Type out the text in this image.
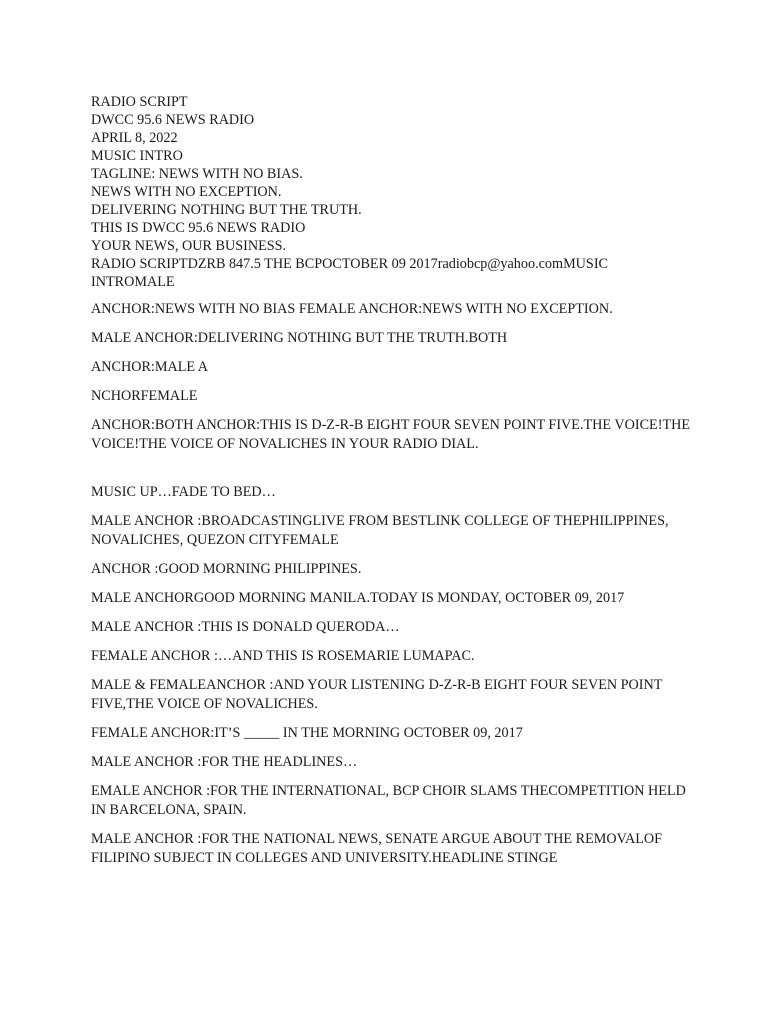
RADIO SCRIPT
DWCC 95.6 NEWS RADIO
APRIL 8, 2022
MUSIC INTRO
TAGLINE: NEWS WITH NO BIAS.
NEWS WITH NO EXCEPTION.
DELIVERING NOTHING BUT THE TRUTH.
THIS IS DWCC 95.6 NEWS RADIO
YOUR NEWS, OUR BUSINESS.
RADIO SCRIPTDZRB 847.5 THE BCPOCTOBER 09 2017radiobcp@yahoo.comMUSIC
INTROMALE

ANCHOR:NEWS WITH NO BIAS FEMALE ANCHOR:NEWS WITH NO EXCEPTION.

MALE ANCHOR:DELIVERING NOTHING BUT THE TRUTH.BOTH

ANCHOR:MALE A

NCHORFEMALE

ANCHOR:BOTH ANCHOR:THIS IS D-Z-R-B EIGHT FOUR SEVEN POINT FIVE.THE VOICE!THE VOICE!THE VOICE OF NOVALICHES IN YOUR RADIO DIAL.

MUSIC UP…FADE TO BED…

MALE ANCHOR :BROADCASTINGLIVE FROM BESTLINK COLLEGE OF THEPHILIPPINES, NOVALICHES, QUEZON CITYFEMALE

ANCHOR :GOOD MORNING PHILIPPINES.

MALE ANCHORGOOD MORNING MANILA.TODAY IS MONDAY, OCTOBER 09, 2017

MALE ANCHOR :THIS IS DONALD QUERODA…

FEMALE ANCHOR :…AND THIS IS ROSEMARIE LUMAPAC.

MALE & FEMALEANCHOR :AND YOUR LISTENING D-Z-R-B EIGHT FOUR SEVEN POINT FIVE,THE VOICE OF NOVALICHES.

FEMALE ANCHOR:IT’S _____ IN THE MORNING OCTOBER 09, 2017

MALE ANCHOR :FOR THE HEADLINES…

EMALE ANCHOR :FOR THE INTERNATIONAL, BCP CHOIR SLAMS THECOMPETITION HELD IN BARCELONA, SPAIN.

MALE ANCHOR :FOR THE NATIONAL NEWS, SENATE ARGUE ABOUT THE REMOVALOF FILIPINO SUBJECT IN COLLEGES AND UNIVERSITY.HEADLINE STINGE
